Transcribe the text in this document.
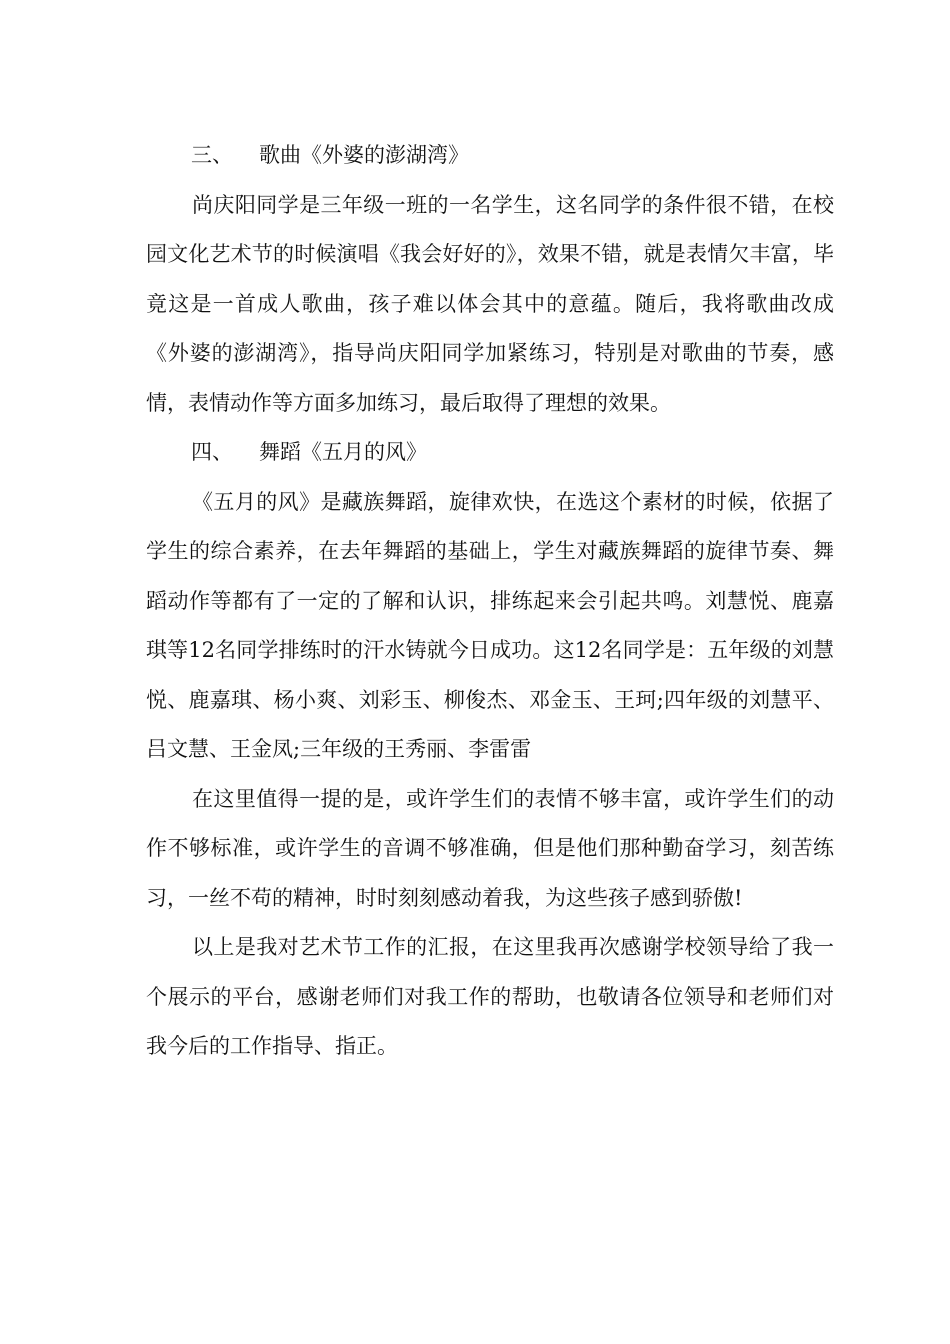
三、 歌曲《外婆的澎湖湾》

尚庆阳同学是三年级一班的一名学生，这名同学的条件很不错，在校园文化艺术节的时候演唱《我会好好的》，效果不错，就是表情欠丰富，毕竟这是一首成人歌曲，孩子难以体会其中的意蕴。随后，我将歌曲改成《外婆的澎湖湾》，指导尚庆阳同学加紧练习，特别是对歌曲的节奏，感情，表情动作等方面多加练习，最后取得了理想的效果。

四、 舞蹈《五月的风》

《五月的风》是藏族舞蹈，旋律欢快，在选这个素材的时候，依据了学生的综合素养，在去年舞蹈的基础上，学生对藏族舞蹈的旋律节奏、舞蹈动作等都有了一定的了解和认识，排练起来会引起共鸣。刘慧悦、鹿嘉琪等12名同学排练时的汗水铸就今日成功。这12名同学是：五年级的刘慧悦、鹿嘉琪、杨小爽、刘彩玉、柳俊杰、邓金玉、王珂;四年级的刘慧平、吕文慧、王金凤;三年级的王秀丽、李雷雷

在这里值得一提的是，或许学生们的表情不够丰富，或许学生们的动作不够标准，或许学生的音调不够准确，但是他们那种勤奋学习，刻苦练习，一丝不苟的精神，时时刻刻感动着我，为这些孩子感到骄傲!

以上是我对艺术节工作的汇报，在这里我再次感谢学校领导给了我一个展示的平台，感谢老师们对我工作的帮助，也敬请各位领导和老师们对我今后的工作指导、指正。
